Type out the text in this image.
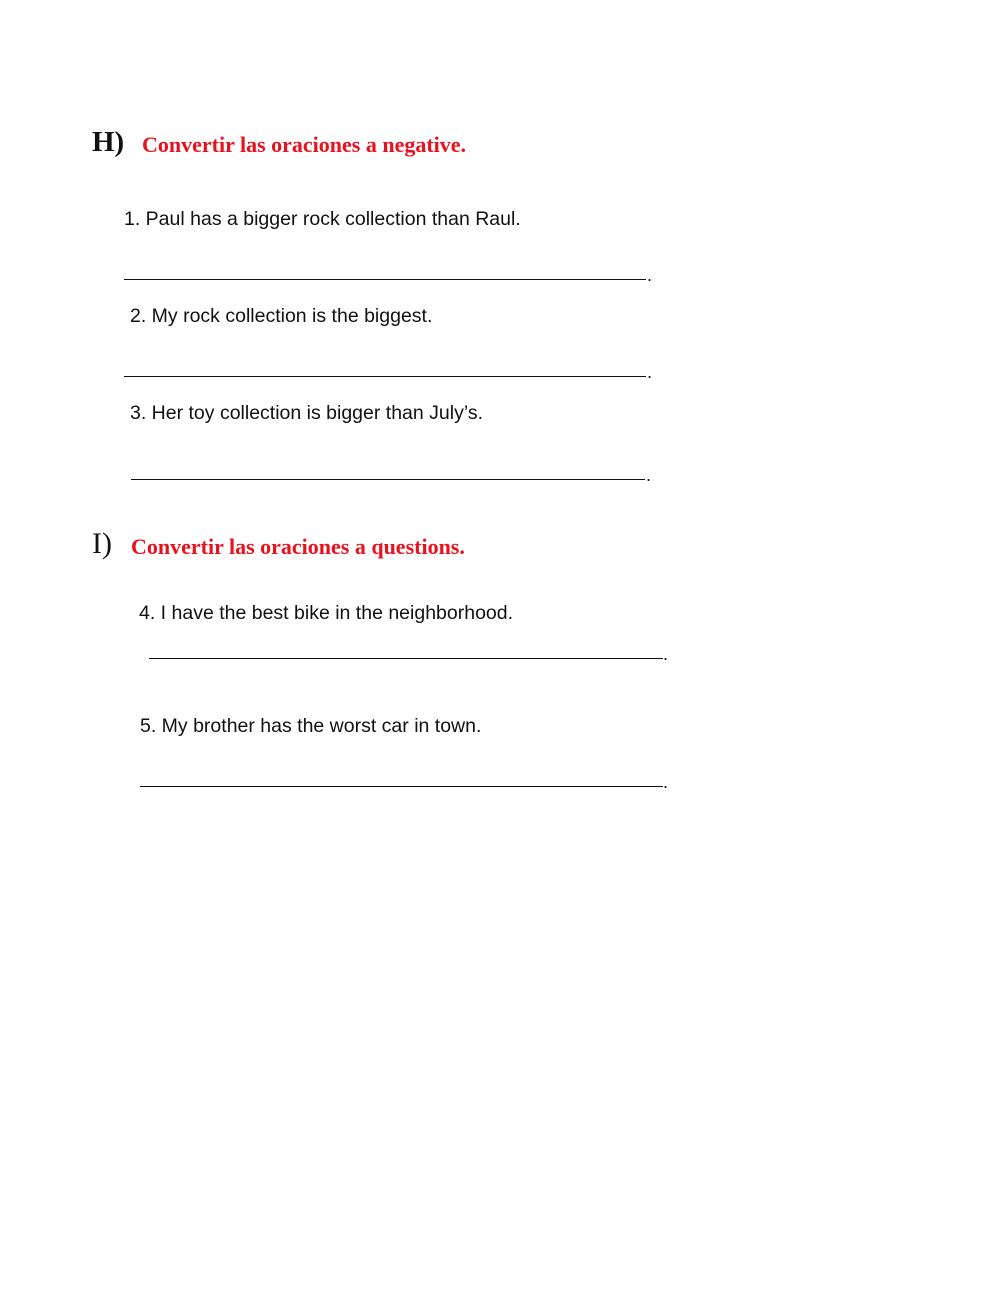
H) Convertir las oraciones a negative.
1. Paul has a bigger rock collection than Raul.
.
2. My rock collection is the biggest.
.
3. Her toy collection is bigger than July’s.
.
I) Convertir las oraciones a questions.
4. I have the best bike in the neighborhood.
.
5. My brother has the worst car in town.
.
